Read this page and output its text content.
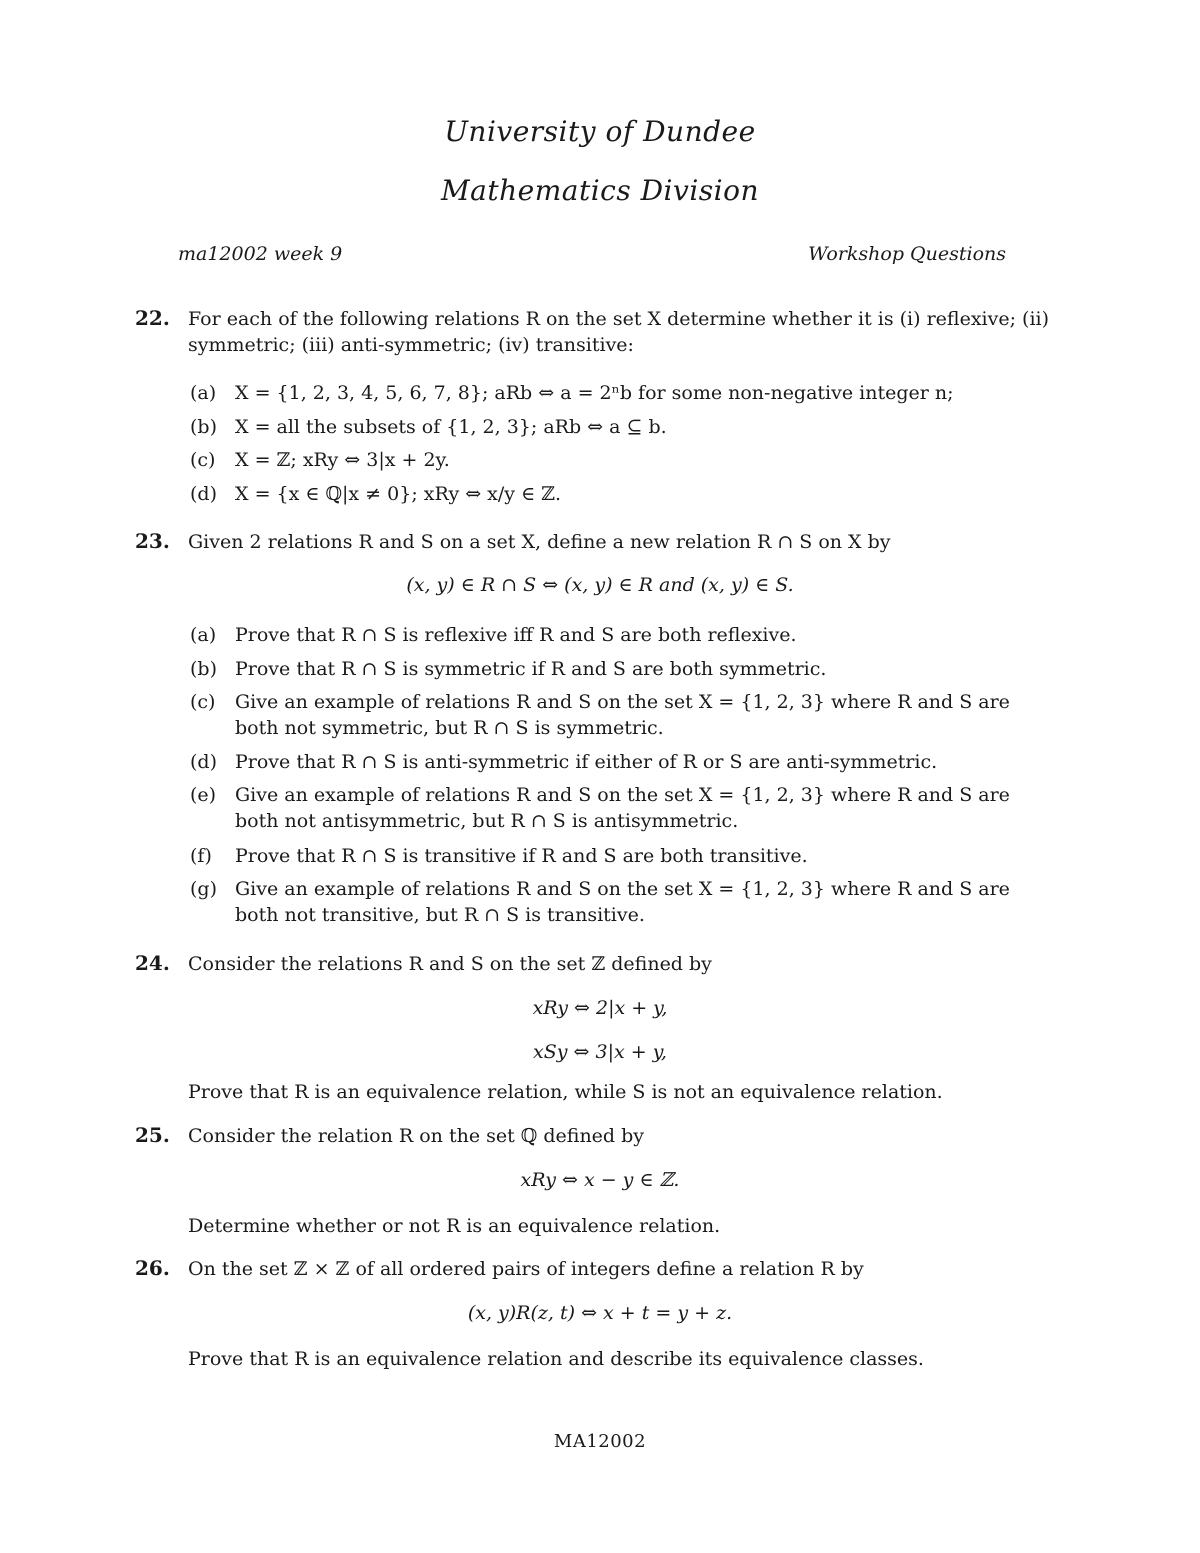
University of Dundee
Mathematics Division
ma12002 week 9	Workshop Questions
22. For each of the following relations R on the set X determine whether it is (i) reflexive; (ii) symmetric; (iii) anti-symmetric; (iv) transitive:
(a) X = {1, 2, 3, 4, 5, 6, 7, 8}; aRb ⇔ a = 2ⁿb for some non-negative integer n;
(b) X = all the subsets of {1, 2, 3}; aRb ⇔ a ⊆ b.
(c) X = ℤ; xRy ⇔ 3|x + 2y.
(d) X = {x ∈ ℚ|x ≠ 0}; xRy ⇔ x/y ∈ ℤ.
23. Given 2 relations R and S on a set X, define a new relation R ∩ S on X by
(x, y) ∈ R ∩ S ⇔ (x, y) ∈ R and (x, y) ∈ S.
(a) Prove that R ∩ S is reflexive iff R and S are both reflexive.
(b) Prove that R ∩ S is symmetric if R and S are both symmetric.
(c) Give an example of relations R and S on the set X = {1, 2, 3} where R and S are both not symmetric, but R ∩ S is symmetric.
(d) Prove that R ∩ S is anti-symmetric if either of R or S are anti-symmetric.
(e) Give an example of relations R and S on the set X = {1, 2, 3} where R and S are both not antisymmetric, but R ∩ S is antisymmetric.
(f) Prove that R ∩ S is transitive if R and S are both transitive.
(g) Give an example of relations R and S on the set X = {1, 2, 3} where R and S are both not transitive, but R ∩ S is transitive.
24. Consider the relations R and S on the set ℤ defined by
xRy ⇔ 2|x + y,
xSy ⇔ 3|x + y,
Prove that R is an equivalence relation, while S is not an equivalence relation.
25. Consider the relation R on the set ℚ defined by
xRy ⇔ x − y ∈ ℤ.
Determine whether or not R is an equivalence relation.
26. On the set ℤ × ℤ of all ordered pairs of integers define a relation R by
(x, y)R(z, t) ⇔ x + t = y + z.
Prove that R is an equivalence relation and describe its equivalence classes.
MA12002
